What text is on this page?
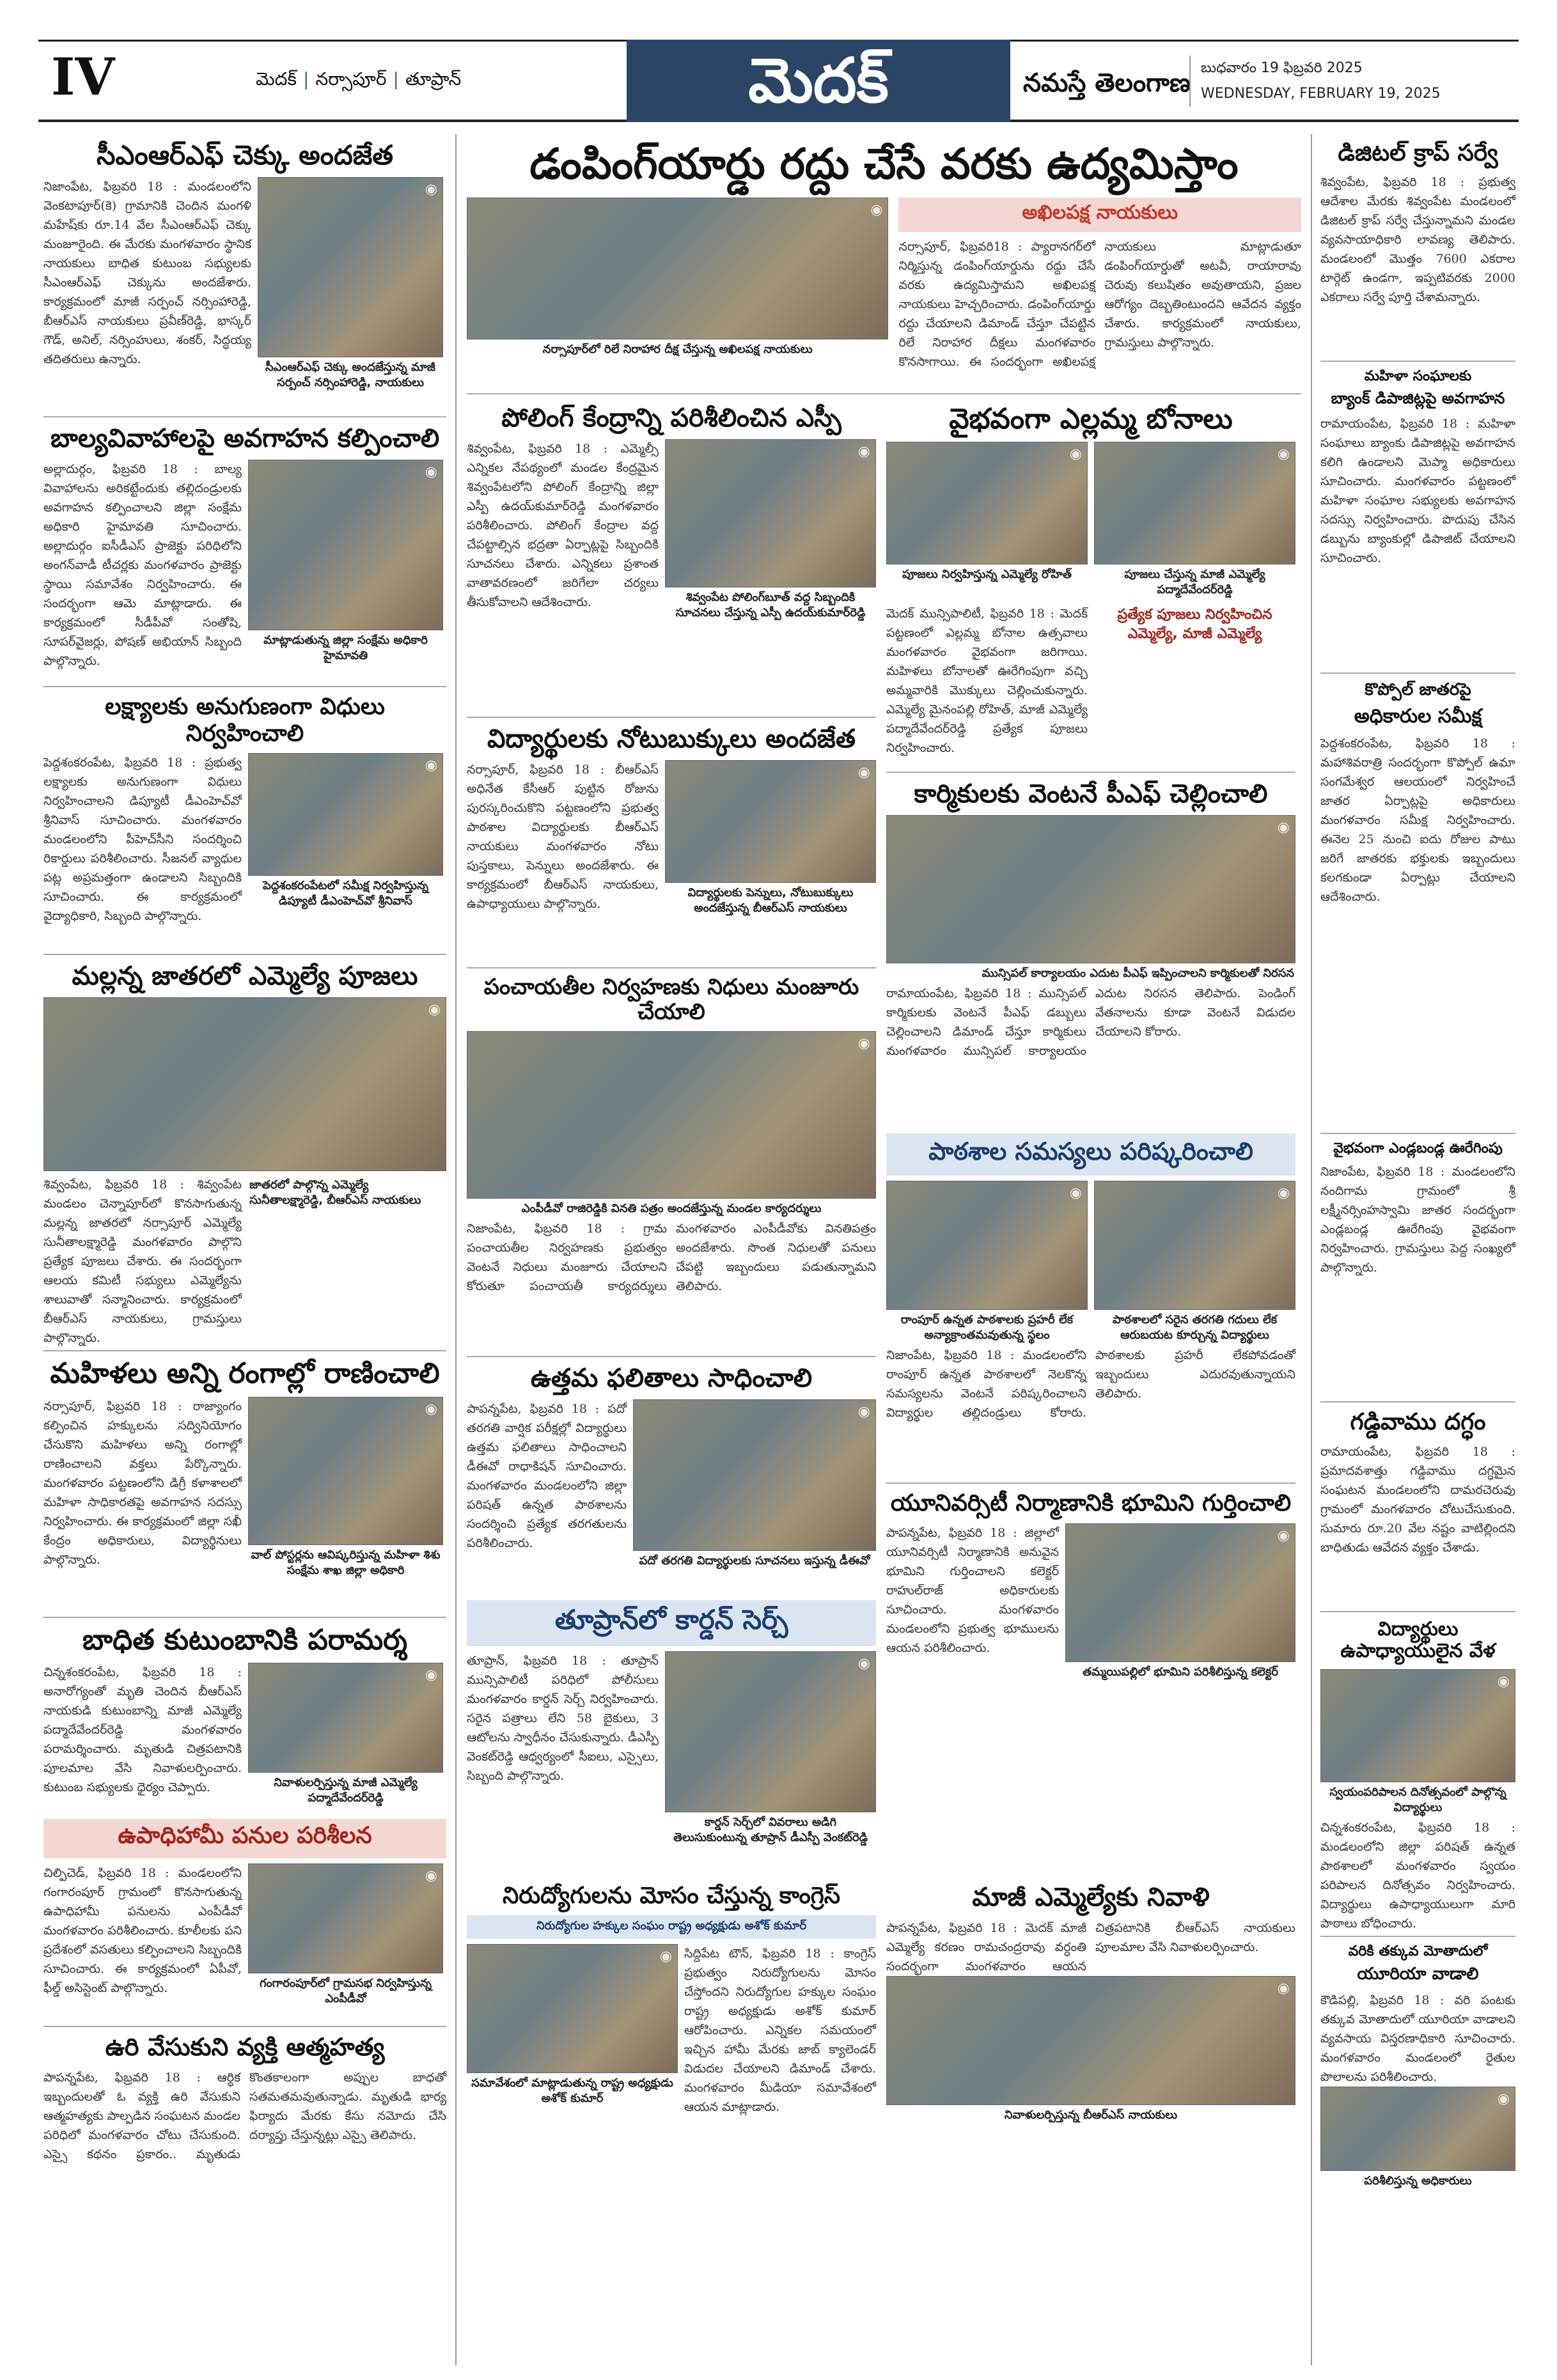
IV	మెదక్ | నర్సాపూర్ | తూప్రాన్	మెదక్	నమస్తే తెలంగాణ
బుధవారం 19 ఫిబ్రవరి 2025
WEDNESDAY, FEBRUARY 19, 2025
సీఎంఆర్ఎఫ్ చెక్కు అందజేత
నిజాంపేట, ఫిబ్రవరి 18 : మండలంలోని వెంకటాపూర్(కె) గ్రామానికి చెందిన మంగళి మహేష్‌కు రూ.14 వేల సీఎంఆర్ఎఫ్ చెక్కు మంజూరైంది. ఈ మేరకు మంగళవారం స్థానిక నాయకులు బాధిత కుటుంబ సభ్యులకు సీఎంఆర్ఎఫ్ చెక్కును అందజేశారు. కార్యక్రమంలో మాజీ సర్పంచ్ నర్సింహారెడ్డి, బీఆర్ఎస్ నాయకులు ప్రవీణ్‌రెడ్డి, భాస్కర్ గౌడ్, అనిల్, నర్సింహులు, శంకర్, సిద్ధయ్య తదితరులు ఉన్నారు.
◉
సీఎంఆర్ఎఫ్ చెక్కు అందజేస్తున్న మాజీ సర్పంచ్ నర్సింహారెడ్డి, నాయకులు
బాల్యవివాహాలపై అవగాహన కల్పించాలి
అల్లాదుర్గం, ఫిబ్రవరి 18 : బాల్య వివాహాలను అరికట్టేందుకు తల్లిదండ్రులకు అవగాహన కల్పించాలని జిల్లా సంక్షేమ అధికారి హైమావతి సూచించారు. అల్లాదుర్గం ఐసీడీఎస్ ప్రాజెక్టు పరిధిలోని అంగన్‌వాడీ టీచర్లకు మంగళవారం ప్రాజెక్టు స్థాయి సమావేశం నిర్వహించారు. ఈ సందర్భంగా ఆమె మాట్లాడారు. ఈ కార్యక్రమంలో సీడీపీవో సంతోషి, సూపర్‌వైజర్లు, పోషణ్ అభియాన్ సిబ్బంది పాల్గొన్నారు.
◉
మాట్లాడుతున్న జిల్లా సంక్షేమ అధికారి హైమావతి
లక్ష్యాలకు అనుగుణంగా విధులు నిర్వహించాలి
పెద్దశంకరంపేట, ఫిబ్రవరి 18 : ప్రభుత్వ లక్ష్యాలకు అనుగుణంగా విధులు నిర్వహించాలని డిప్యూటీ డీఎంహెచ్‌వో శ్రీనివాస్ సూచించారు. మంగళవారం మండలంలోని పీహెచ్‌సీని సందర్శించి రికార్డులు పరిశీలించారు. సీజనల్ వ్యాధుల పట్ల అప్రమత్తంగా ఉండాలని సిబ్బందికి సూచించారు. ఈ కార్యక్రమంలో వైద్యాధికారి, సిబ్బంది పాల్గొన్నారు.
◉
పెద్దశంకరంపేటలో సమీక్ష నిర్వహిస్తున్న డిప్యూటీ డీఎంహెచ్‌వో శ్రీనివాస్
మల్లన్న జాతరలో ఎమ్మెల్యే పూజలు
◉
శివ్వంపేట, ఫిబ్రవరి 18 : శివ్వంపేట మండలం చెన్నాపూర్‌లో కొనసాగుతున్న మల్లన్న జాతరలో నర్సాపూర్ ఎమ్మెల్యే సునీతాలక్ష్మారెడ్డి మంగళవారం పాల్గొని ప్రత్యేక పూజలు చేశారు. ఈ సందర్భంగా ఆలయ కమిటీ సభ్యులు ఎమ్మెల్యేను శాలువాతో సన్మానించారు. కార్యక్రమంలో బీఆర్ఎస్ నాయకులు, గ్రామస్తులు పాల్గొన్నారు.
జాతరలో పాల్గొన్న ఎమ్మెల్యే సునీతాలక్ష్మారెడ్డి, బీఆర్ఎస్ నాయకులు
మహిళలు అన్ని రంగాల్లో రాణించాలి
నర్సాపూర్, ఫిబ్రవరి 18 : రాజ్యాంగం కల్పించిన హక్కులను సద్వినియోగం చేసుకొని మహిళలు అన్ని రంగాల్లో రాణించాలని వక్తలు పేర్కొన్నారు. మంగళవారం పట్టణంలోని డిగ్రీ కళాశాలలో మహిళా సాధికారతపై అవగాహన సదస్సు నిర్వహించారు. ఈ కార్యక్రమంలో జిల్లా సఖీ కేంద్రం అధికారులు, విద్యార్థినులు పాల్గొన్నారు.
◉
వాల్ పోస్టర్లను ఆవిష్కరిస్తున్న మహిళా శిశు సంక్షేమ శాఖ జిల్లా అధికారి
బాధిత కుటుంబానికి పరామర్శ
చిన్నశంకరంపేట, ఫిబ్రవరి 18 : అనారోగ్యంతో మృతి చెందిన బీఆర్ఎస్ నాయకుడి కుటుంబాన్ని మాజీ ఎమ్మెల్యే పద్మాదేవేందర్‌రెడ్డి మంగళవారం పరామర్శించారు. మృతుడి చిత్రపటానికి పూలమాల వేసి నివాళులర్పించారు. కుటుంబ సభ్యులకు ధైర్యం చెప్పారు.
◉
నివాళులర్పిస్తున్న మాజీ ఎమ్మెల్యే పద్మాదేవేందర్‌రెడ్డి
ఉపాధిహామీ పనుల పరిశీలన
చిల్పిచెడ్, ఫిబ్రవరి 18 : మండలంలోని గంగారంపూర్ గ్రామంలో కొనసాగుతున్న ఉపాధిహామీ పనులను ఎంపీడీవో మంగళవారం పరిశీలించారు. కూలీలకు పని ప్రదేశంలో వసతులు కల్పించాలని సిబ్బందికి సూచించారు. ఈ కార్యక్రమంలో ఏపీవో, ఫీల్డ్ అసిస్టెంట్ పాల్గొన్నారు.
◉
గంగారంపూర్‌లో గ్రామసభ నిర్వహిస్తున్న ఎంపీడీవో
ఉరి వేసుకుని వ్యక్తి ఆత్మహత్య
పాపన్నపేట, ఫిబ్రవరి 18 : ఆర్థిక ఇబ్బందులతో ఓ వ్యక్తి ఉరి వేసుకుని ఆత్మహత్యకు పాల్పడిన సంఘటన మండల పరిధిలో మంగళవారం చోటు చేసుకుంది. ఎస్సై కథనం ప్రకారం.. మృతుడు కొంతకాలంగా అప్పుల బాధతో సతమతమవుతున్నాడు. మృతుడి భార్య ఫిర్యాదు మేరకు కేసు నమోదు చేసి దర్యాప్తు చేస్తున్నట్లు ఎస్సై తెలిపారు.
డంపింగ్‌యార్డు రద్దు చేసే వరకు ఉద్యమిస్తాం
◉
నర్సాపూర్‌లో రిలే నిరాహార దీక్ష చేస్తున్న అఖిలపక్ష నాయకులు
అఖిలపక్ష నాయకులు
నర్సాపూర్, ఫిబ్రవరి18 : ప్యారానగర్‌లో నిర్మిస్తున్న డంపింగ్‌యార్డును రద్దు చేసే వరకు ఉద్యమిస్తామని అఖిలపక్ష నాయకులు హెచ్చరించారు. డంపింగ్‌యార్డు రద్దు చేయాలని డిమాండ్ చేస్తూ చేపట్టిన రిలే నిరాహార దీక్షలు మంగళవారం కొనసాగాయి. ఈ సందర్భంగా అఖిలపక్ష నాయకులు మాట్లాడుతూ డంపింగ్‌యార్డుతో అటవీ, రాయారావు చెరువు కలుషితం అవుతాయని, ప్రజల ఆరోగ్యం దెబ్బతింటుందని ఆవేదన వ్యక్తం చేశారు. కార్యక్రమంలో నాయకులు, గ్రామస్తులు పాల్గొన్నారు.
పోలింగ్ కేంద్రాన్ని పరిశీలించిన ఎస్పీ
శివ్వంపేట, ఫిబ్రవరి 18 : ఎమ్మెల్సీ ఎన్నికల నేపథ్యంలో మండల కేంద్రమైన శివ్వంపేటలోని పోలింగ్ కేంద్రాన్ని జిల్లా ఎస్పీ ఉదయ్‌కుమార్‌రెడ్డి మంగళవారం పరిశీలించారు. పోలింగ్ కేంద్రాల వద్ద చేపట్టాల్సిన భద్రతా ఏర్పాట్లపై సిబ్బందికి సూచనలు చేశారు. ఎన్నికలు ప్రశాంత వాతావరణంలో జరిగేలా చర్యలు తీసుకోవాలని ఆదేశించారు.
◉
శివ్వంపేట పోలింగ్‌బూత్ వద్ద సిబ్బందికి సూచనలు చేస్తున్న ఎస్పీ ఉదయ్‌కుమార్‌రెడ్డి
విద్యార్థులకు నోటుబుక్కులు అందజేత
నర్సాపూర్, ఫిబ్రవరి 18 : బీఆర్ఎస్ అధినేత కేసీఆర్ పుట్టిన రోజును పురస్కరించుకొని పట్టణంలోని ప్రభుత్వ పాఠశాల విద్యార్థులకు బీఆర్ఎస్ నాయకులు మంగళవారం నోటు పుస్తకాలు, పెన్నులు అందజేశారు. ఈ కార్యక్రమంలో బీఆర్ఎస్ నాయకులు, ఉపాధ్యాయులు పాల్గొన్నారు.
◉
విద్యార్థులకు పెన్నులు, నోటుబుక్కులు అందజేస్తున్న బీఆర్ఎస్ నాయకులు
పంచాయతీల నిర్వహణకు నిధులు మంజూరు చేయాలి
◉
ఎంపీడీవో రాజిరెడ్డికి వినతి పత్రం అందజేస్తున్న మండల కార్యదర్శులు
నిజాంపేట, ఫిబ్రవరి 18 : గ్రామ పంచాయతీల నిర్వహణకు ప్రభుత్వం వెంటనే నిధులు మంజూరు చేయాలని కోరుతూ పంచాయతీ కార్యదర్శులు మంగళవారం ఎంపీడీవోకు వినతిపత్రం అందజేశారు. సొంత నిధులతో పనులు చేపట్టి ఇబ్బందులు పడుతున్నామని తెలిపారు.
ఉత్తమ ఫలితాలు సాధించాలి
పాపన్నపేట, ఫిబ్రవరి 18 : పదో తరగతి వార్షిక పరీక్షల్లో విద్యార్థులు ఉత్తమ ఫలితాలు సాధించాలని డీఈవో రాధాకిషన్ సూచించారు. మంగళవారం మండలంలోని జిల్లా పరిషత్ ఉన్నత పాఠశాలను సందర్శించి ప్రత్యేక తరగతులను పరిశీలించారు.
◉
పదో తరగతి విద్యార్థులకు సూచనలు ఇస్తున్న డీఈవో
తూప్రాన్‌లో కార్డన్ సెర్చ్
తూప్రాన్, ఫిబ్రవరి 18 : తూప్రాన్ మున్సిపాలిటీ పరిధిలో పోలీసులు మంగళవారం కార్డన్ సెర్చ్ నిర్వహించారు. సరైన పత్రాలు లేని 58 బైకులు, 3 ఆటోలను స్వాధీనం చేసుకున్నారు. డీఎస్పీ వెంకట్‌రెడ్డి ఆధ్వర్యంలో సీఐలు, ఎస్సైలు, సిబ్బంది పాల్గొన్నారు.
◉
కార్డన్ సెర్చ్‌లో వివరాలు అడిగి తెలుసుకుంటున్న తూప్రాన్ డీఎస్పీ వెంకట్‌రెడ్డి
వైభవంగా ఎల్లమ్మ బోనాలు
◉
పూజలు నిర్వహిస్తున్న ఎమ్మెల్యే రోహిత్
◉
పూజలు చేస్తున్న మాజీ ఎమ్మెల్యే పద్మాదేవేందర్‌రెడ్డి
మెదక్ మున్సిపాలిటీ, ఫిబ్రవరి 18 : మెదక్ పట్టణంలో ఎల్లమ్మ బోనాల ఉత్సవాలు మంగళవారం వైభవంగా జరిగాయి. మహిళలు బోనాలతో ఊరేగింపుగా వచ్చి అమ్మవారికి మొక్కులు చెల్లించుకున్నారు. ఎమ్మెల్యే మైనంపల్లి రోహిత్, మాజీ ఎమ్మెల్యే పద్మాదేవేందర్‌రెడ్డి ప్రత్యేక పూజలు నిర్వహించారు.
ప్రత్యేక పూజలు నిర్వహించిన ఎమ్మెల్యే, మాజీ ఎమ్మెల్యే
కార్మికులకు వెంటనే పీఎఫ్ చెల్లించాలి
◉
మున్సిపల్ కార్యాలయం ఎదుట పీఎఫ్ ఇప్పించాలని కార్మికులతో నిరసన
రామాయంపేట, ఫిబ్రవరి 18 : మున్సిపల్ కార్మికులకు వెంటనే పీఎఫ్ డబ్బులు చెల్లించాలని డిమాండ్ చేస్తూ కార్మికులు మంగళవారం మున్సిపల్ కార్యాలయం ఎదుట నిరసన తెలిపారు. పెండింగ్ వేతనాలను కూడా వెంటనే విడుదల చేయాలని కోరారు.
పాఠశాల సమస్యలు పరిష్కరించాలి
◉
రాంపూర్ ఉన్నత పాఠశాలకు ప్రహరీ లేక అన్యాక్రాంతమవుతున్న స్థలం
◉
పాఠశాలలో సరైన తరగతి గదులు లేక ఆరుబయట కూర్చున్న విద్యార్థులు
నిజాంపేట, ఫిబ్రవరి 18 : మండలంలోని రాంపూర్ ఉన్నత పాఠశాలలో నెలకొన్న సమస్యలను వెంటనే పరిష్కరించాలని విద్యార్థుల తల్లిదండ్రులు కోరారు. పాఠశాలకు ప్రహరీ లేకపోవడంతో ఇబ్బందులు ఎదురవుతున్నాయని తెలిపారు.
యూనివర్సిటీ నిర్మాణానికి భూమిని గుర్తించాలి
పాపన్నపేట, ఫిబ్రవరి 18 : జిల్లాలో యూనివర్సిటీ నిర్మాణానికి అనువైన భూమిని గుర్తించాలని కలెక్టర్ రాహుల్‌రాజ్ అధికారులకు సూచించారు. మంగళవారం మండలంలోని ప్రభుత్వ భూములను ఆయన పరిశీలించారు.
◉
తమ్మయిపల్లిలో భూమిని పరిశీలిస్తున్న కలెక్టర్
నిరుద్యోగులను మోసం చేస్తున్న కాంగ్రెస్
నిరుద్యోగుల హక్కుల సంఘం రాష్ట్ర అధ్యక్షుడు అశోక్ కుమార్
◉
సమావేశంలో మాట్లాడుతున్న రాష్ట్ర అధ్యక్షుడు అశోక్ కుమార్
సిద్దిపేట టౌన్, ఫిబ్రవరి 18 : కాంగ్రెస్ ప్రభుత్వం నిరుద్యోగులను మోసం చేస్తోందని నిరుద్యోగుల హక్కుల సంఘం రాష్ట్ర అధ్యక్షుడు అశోక్ కుమార్ ఆరోపించారు. ఎన్నికల సమయంలో ఇచ్చిన హామీ మేరకు జాబ్ క్యాలెండర్ విడుదల చేయాలని డిమాండ్ చేశారు. మంగళవారం మీడియా సమావేశంలో ఆయన మాట్లాడారు.
మాజీ ఎమ్మెల్యేకు నివాళి
పాపన్నపేట, ఫిబ్రవరి 18 : మెదక్ మాజీ ఎమ్మెల్యే కరణం రామచంద్రరావు వర్ధంతి సందర్భంగా మంగళవారం ఆయన చిత్రపటానికి బీఆర్ఎస్ నాయకులు పూలమాల వేసి నివాళులర్పించారు.
◉
నివాళులర్పిస్తున్న బీఆర్ఎస్ నాయకులు
డిజిటల్ క్రాప్ సర్వే
శివ్వంపేట, ఫిబ్రవరి 18 : ప్రభుత్వ ఆదేశాల మేరకు శివ్వంపేట మండలంలో డిజిటల్ క్రాప్ సర్వే చేస్తున్నామని మండల వ్యవసాయాధికారి లావణ్య తెలిపారు. మండలంలో మొత్తం 7600 ఎకరాల టార్గెట్ ఉండగా, ఇప్పటివరకు 2000 ఎకరాలు సర్వే పూర్తి చేశామన్నారు.
మహిళా సంఘాలకు
బ్యాంక్ డిపాజిట్లపై అవగాహన
రామాయంపేట, ఫిబ్రవరి 18 : మహిళా సంఘాలు బ్యాంకు డిపాజిట్లపై అవగాహన కలిగి ఉండాలని మెప్మా అధికారులు సూచించారు. మంగళవారం పట్టణంలో మహిళా సంఘాల సభ్యులకు అవగాహన సదస్సు నిర్వహించారు. పొదుపు చేసిన డబ్బును బ్యాంకుల్లో డిపాజిట్ చేయాలని సూచించారు.
కొప్పోల్ జాతరపై
అధికారుల సమీక్ష
పెద్దశంకరంపేట, ఫిబ్రవరి 18 : మహాశివరాత్రి సందర్భంగా కొప్పోల్ ఉమా సంగమేశ్వర ఆలయంలో నిర్వహించే జాతర ఏర్పాట్లపై అధికారులు మంగళవారం సమీక్ష నిర్వహించారు. ఈనెల 25 నుంచి ఐదు రోజుల పాటు జరిగే జాతరకు భక్తులకు ఇబ్బందులు కలగకుండా ఏర్పాట్లు చేయాలని ఆదేశించారు.
వైభవంగా ఎండ్లబండ్ల ఊరేగింపు
నిజాంపేట, ఫిబ్రవరి 18 : మండలంలోని నందిగామ గ్రామంలో శ్రీ లక్ష్మీనర్సింహస్వామి జాతర సందర్భంగా ఎండ్లబండ్ల ఊరేగింపు వైభవంగా నిర్వహించారు. గ్రామస్తులు పెద్ద సంఖ్యలో పాల్గొన్నారు.
గడ్డివాము దగ్ధం
రామాయంపేట, ఫిబ్రవరి 18 : ప్రమాదవశాత్తు గడ్డివాము దగ్ధమైన సంఘటన మండలంలోని దామరచెరువు గ్రామంలో మంగళవారం చోటుచేసుకుంది. సుమారు రూ.20 వేల నష్టం వాటిల్లిందని బాధితుడు ఆవేదన వ్యక్తం చేశాడు.
విద్యార్థులు ఉపాధ్యాయులైన వేళ
◉
స్వయంపరిపాలన దినోత్సవంలో పాల్గొన్న విద్యార్థులు
చిన్నశంకరంపేట, ఫిబ్రవరి 18 : మండలంలోని జిల్లా పరిషత్ ఉన్నత పాఠశాలలో మంగళవారం స్వయం పరిపాలన దినోత్సవం నిర్వహించారు. విద్యార్థులు ఉపాధ్యాయులుగా మారి పాఠాలు బోధించారు.
వరికి తక్కువ మోతాదులో
యూరియా వాడాలి
కౌడిపల్లి, ఫిబ్రవరి 18 : వరి పంటకు తక్కువ మోతాదులో యూరియా వాడాలని వ్యవసాయ విస్తరణాధికారి సూచించారు. మంగళవారం మండలంలో రైతుల పొలాలను పరిశీలించారు.
◉
పరిశీలిస్తున్న అధికారులు
